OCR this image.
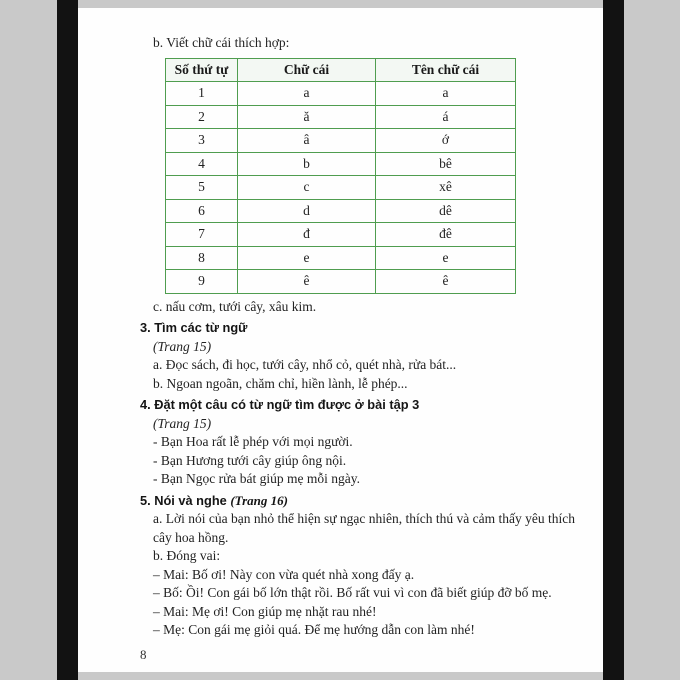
b. Viết chữ cái thích hợp:

Số thứ tự	Chữ cái	Tên chữ cái
1	a	a
2	ă	á
3	â	ớ
4	b	bê
5	c	xê
6	d	dê
7	đ	đê
8	e	e
9	ê	ê

c. nấu cơm, tưới cây, xâu kim.

3. Tìm các từ ngữ

(Trang 15)

a. Đọc sách, đi học, tưới cây, nhổ cỏ, quét nhà, rửa bát...

b. Ngoan ngoãn, chăm chỉ, hiền lành, lễ phép...

4. Đặt một câu có từ ngữ tìm được ở bài tập 3

(Trang 15)

- Bạn Hoa rất lễ phép với mọi người.

- Bạn Hương tưới cây giúp ông nội.

- Bạn Ngọc rửa bát giúp mẹ mỗi ngày.

5. Nói và nghe (Trang 16)

a. Lời nói của bạn nhỏ thể hiện sự ngạc nhiên, thích thú và cảm thấy yêu thích cây hoa hồng.

b. Đóng vai:

– Mai: Bố ơi! Này con vừa quét nhà xong đấy ạ.

– Bố: Ồi! Con gái bố lớn thật rồi. Bố rất vui vì con đã biết giúp đỡ bố mẹ.

– Mai: Mẹ ơi! Con giúp mẹ nhặt rau nhé!

– Mẹ: Con gái mẹ giỏi quá. Để mẹ hướng dẫn con làm nhé!

8
